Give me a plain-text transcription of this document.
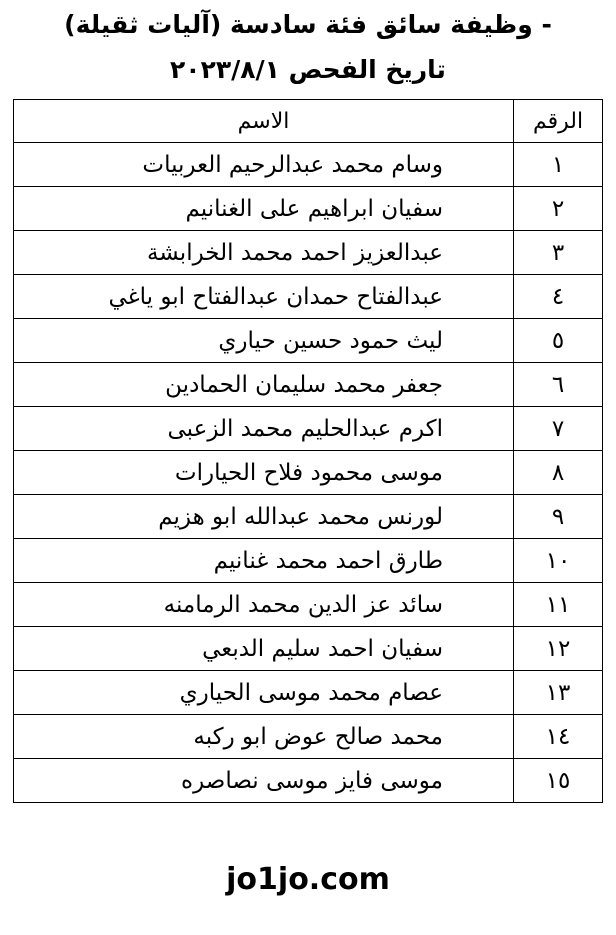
- وظيفة سائق فئة سادسة (آليات ثقيلة)
تاريخ الفحص ٢٠٢٣/٨/١
الرقم	الاسم
١	وسام محمد عبدالرحيم العربيات
٢	سفيان ابراهيم على الغنانيم
٣	عبدالعزيز احمد محمد الخرابشة
٤	عبدالفتاح حمدان عبدالفتاح ابو ياغي
٥	ليث حمود حسين حياري
٦	جعفر محمد سليمان الحمادين
٧	اكرم عبدالحليم محمد الزعبى
٨	موسى محمود فلاح الحيارات
٩	لورنس محمد عبدالله ابو هزيم
١٠	طارق احمد محمد غنانيم
١١	سائد عز الدين محمد الرمامنه
١٢	سفيان احمد سليم الدبعي
١٣	عصام محمد موسى الحياري
١٤	محمد صالح عوض ابو ركبه
١٥	موسى فايز موسى نصاصره
jo1jo.com
